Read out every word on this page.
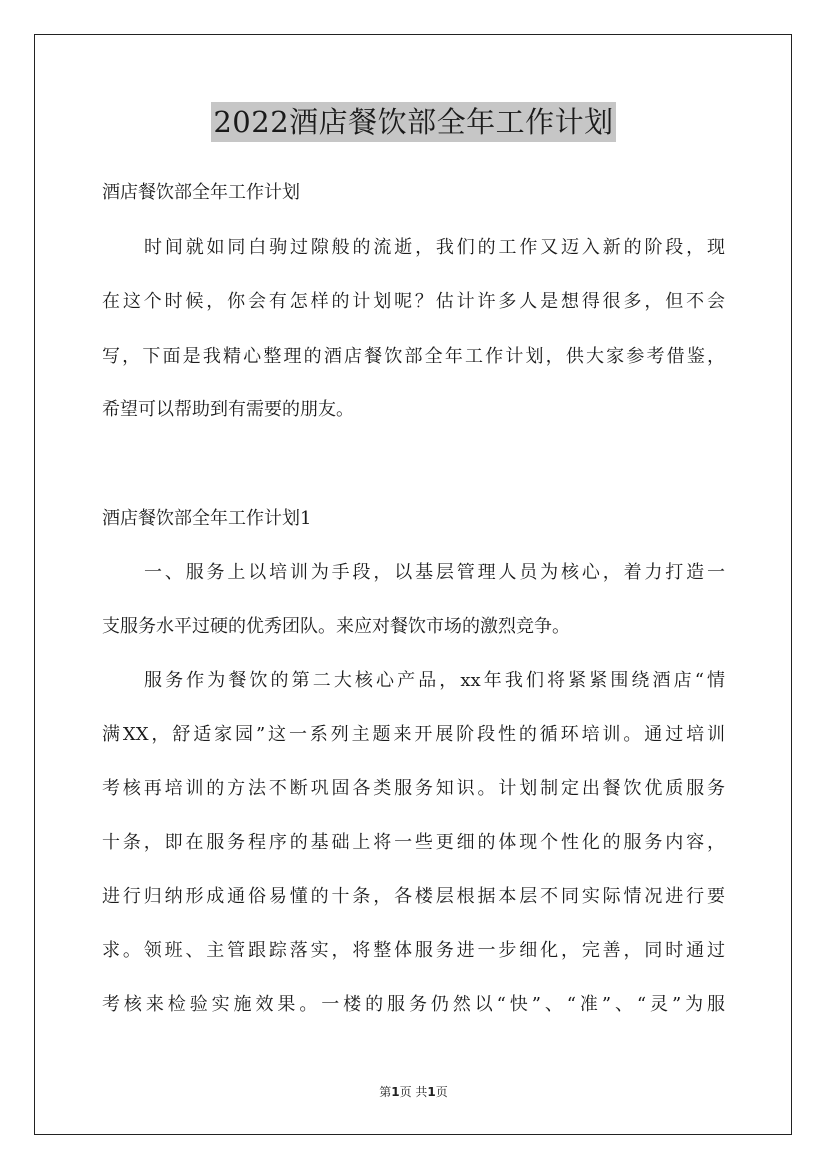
2022酒店餐饮部全年工作计划

酒店餐饮部全年工作计划

时间就如同白驹过隙般的流逝，我们的工作又迈入新的阶段，现

在这个时候，你会有怎样的计划呢？估计许多人是想得很多，但不会

写，下面是我精心整理的酒店餐饮部全年工作计划，供大家参考借鉴，

希望可以帮助到有需要的朋友。

酒店餐饮部全年工作计划1

一、服务上以培训为手段，以基层管理人员为核心，着力打造一

支服务水平过硬的优秀团队。来应对餐饮市场的激烈竞争。

服务作为餐饮的第二大核心产品，xx年我们将紧紧围绕酒店“情

满XX，舒适家园”这一系列主题来开展阶段性的循环培训。通过培训

考核再培训的方法不断巩固各类服务知识。计划制定出餐饮优质服务

十条，即在服务程序的基础上将一些更细的体现个性化的服务内容，

进行归纳形成通俗易懂的十条，各楼层根据本层不同实际情况进行要

求。领班、主管跟踪落实，将整体服务进一步细化，完善，同时通过

考核来检验实施效果。一楼的服务仍然以“快”、“准”、“灵”为服

第1页 共1页
